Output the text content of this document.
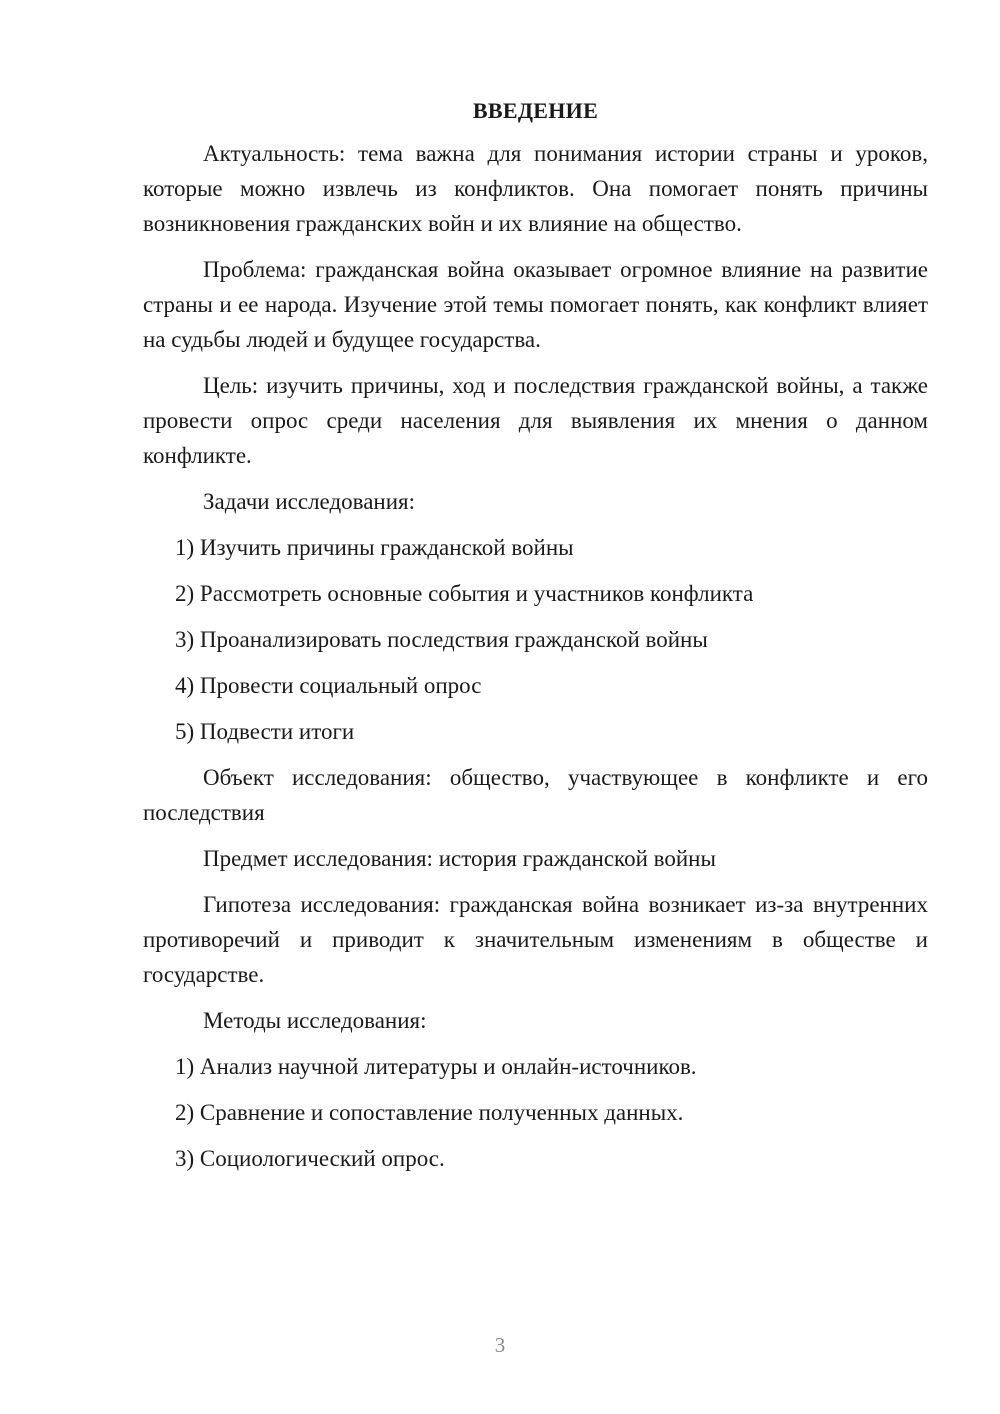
ВВЕДЕНИЕ

Актуальность: тема важна для понимания истории страны и уроков, которые можно извлечь из конфликтов. Она помогает понять причины возникновения гражданских войн и их влияние на общество.

Проблема: гражданская война оказывает огромное влияние на развитие страны и ее народа. Изучение этой темы помогает понять, как конфликт влияет на судьбы людей и будущее государства.

Цель: изучить причины, ход и последствия гражданской войны, а также провести опрос среди населения для выявления их мнения о данном конфликте.

Задачи исследования:

1) Изучить причины гражданской войны
2) Рассмотреть основные события и участников конфликта
3) Проанализировать последствия гражданской войны
4) Провести социальный опрос
5) Подвести итоги

Объект исследования: общество, участвующее в конфликте и его последствия

Предмет исследования: история гражданской войны

Гипотеза исследования: гражданская война возникает из-за внутренних противоречий и приводит к значительным изменениям в обществе и государстве.

Методы исследования:

1) Анализ научной литературы и онлайн-источников.
2) Сравнение и сопоставление полученных данных.
3) Социологический опрос.
3
